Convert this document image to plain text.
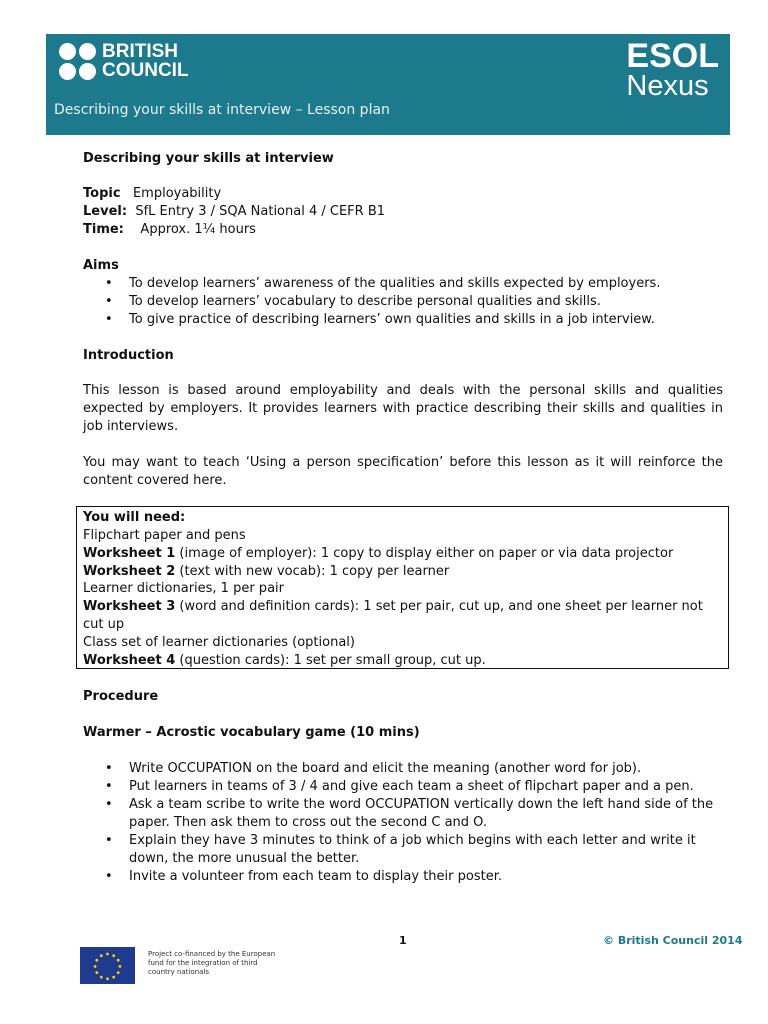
BRITISH
COUNCIL	ESOL
Nexus
Describing your skills at interview – Lesson plan
Describing your skills at interview
Topic Employability
Level: SfL Entry 3 / SQA National 4 / CEFR B1
Time: Approx. 1¼ hours
Aims
• To develop learners’ awareness of the qualities and skills expected by employers.
• To develop learners’ vocabulary to describe personal qualities and skills.
• To give practice of describing learners’ own qualities and skills in a job interview.
Introduction
This lesson is based around employability and deals with the personal skills and qualities expected by employers. It provides learners with practice describing their skills and qualities in job interviews.
You may want to teach ‘Using a person specification’ before this lesson as it will reinforce the content covered here.
You will need:
Flipchart paper and pens
Worksheet 1 (image of employer): 1 copy to display either on paper or via data projector
Worksheet 2 (text with new vocab): 1 copy per learner
Learner dictionaries, 1 per pair
Worksheet 3 (word and definition cards): 1 set per pair, cut up, and one sheet per learner not
cut up
Class set of learner dictionaries (optional)
Worksheet 4 (question cards): 1 set per small group, cut up.
Procedure
Warmer – Acrostic vocabulary game (10 mins)
• Write OCCUPATION on the board and elicit the meaning (another word for job).
• Put learners in teams of 3 / 4 and give each team a sheet of flipchart paper and a pen.
• Ask a team scribe to write the word OCCUPATION vertically down the left hand side of the
paper. Then ask them to cross out the second C and O.
• Explain they have 3 minutes to think of a job which begins with each letter and write it
down, the more unusual the better.
• Invite a volunteer from each team to display their poster.
1	© British Council 2014
Project co-financed by the European fund for the integration of third country nationals
